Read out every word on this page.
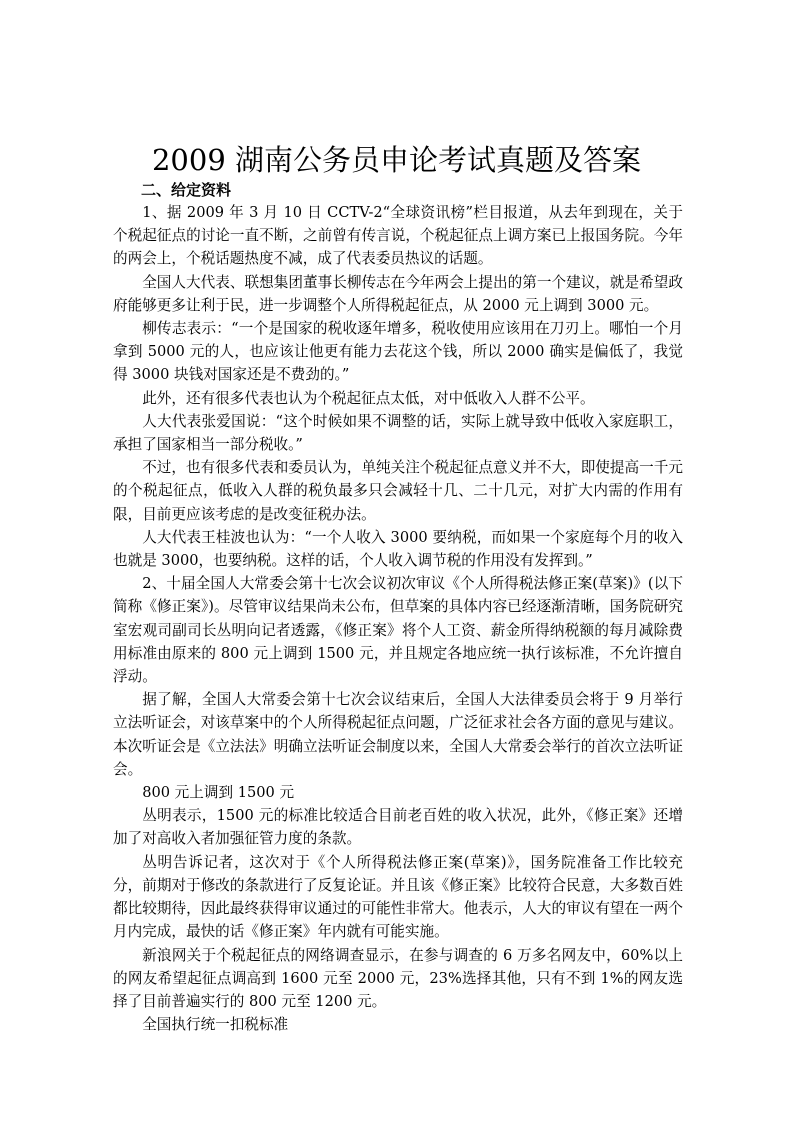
2009 湖南公务员申论考试真题及答案
二、给定资料

1、据 2009 年 3 月 10 日 CCTV-2“全球资讯榜”栏目报道，从去年到现在，关于个税起征点的讨论一直不断，之前曾有传言说，个税起征点上调方案已上报国务院。今年的两会上，个税话题热度不减，成了代表委员热议的话题。

全国人大代表、联想集团董事长柳传志在今年两会上提出的第一个建议，就是希望政府能够更多让利于民，进一步调整个人所得税起征点，从 2000 元上调到 3000 元。

柳传志表示：“一个是国家的税收逐年增多，税收使用应该用在刀刃上。哪怕一个月拿到 5000 元的人，也应该让他更有能力去花这个钱，所以 2000 确实是偏低了，我觉得 3000 块钱对国家还是不费劲的。”

此外，还有很多代表也认为个税起征点太低，对中低收入人群不公平。

人大代表张爱国说：“这个时候如果不调整的话，实际上就导致中低收入家庭职工，承担了国家相当一部分税收。”

不过，也有很多代表和委员认为，单纯关注个税起征点意义并不大，即使提高一千元的个税起征点，低收入人群的税负最多只会减轻十几、二十几元，对扩大内需的作用有限，目前更应该考虑的是改变征税办法。

人大代表王桂波也认为：“一个人收入 3000 要纳税，而如果一个家庭每个月的收入也就是 3000，也要纳税。这样的话，个人收入调节税的作用没有发挥到。”

2、十届全国人大常委会第十七次会议初次审议《个人所得税法修正案(草案)》(以下简称《修正案》)。尽管审议结果尚未公布，但草案的具体内容已经逐渐清晰，国务院研究室宏观司副司长丛明向记者透露，《修正案》将个人工资、薪金所得纳税额的每月减除费用标准由原来的 800 元上调到 1500 元，并且规定各地应统一执行该标准，不允许擅自浮动。

据了解，全国人大常委会第十七次会议结束后，全国人大法律委员会将于 9 月举行立法听证会，对该草案中的个人所得税起征点问题，广泛征求社会各方面的意见与建议。本次听证会是《立法法》明确立法听证会制度以来，全国人大常委会举行的首次立法听证会。

800 元上调到 1500 元

丛明表示，1500 元的标准比较适合目前老百姓的收入状况，此外，《修正案》还增加了对高收入者加强征管力度的条款。

丛明告诉记者，这次对于《个人所得税法修正案(草案)》，国务院准备工作比较充分，前期对于修改的条款进行了反复论证。并且该《修正案》比较符合民意，大多数百姓都比较期待，因此最终获得审议通过的可能性非常大。他表示，人大的审议有望在一两个月内完成，最快的话《修正案》年内就有可能实施。

新浪网关于个税起征点的网络调查显示，在参与调查的 6 万多名网友中，60%以上的网友希望起征点调高到 1600 元至 2000 元，23%选择其他，只有不到 1%的网友选择了目前普遍实行的 800 元至 1200 元。

全国执行统一扣税标准
